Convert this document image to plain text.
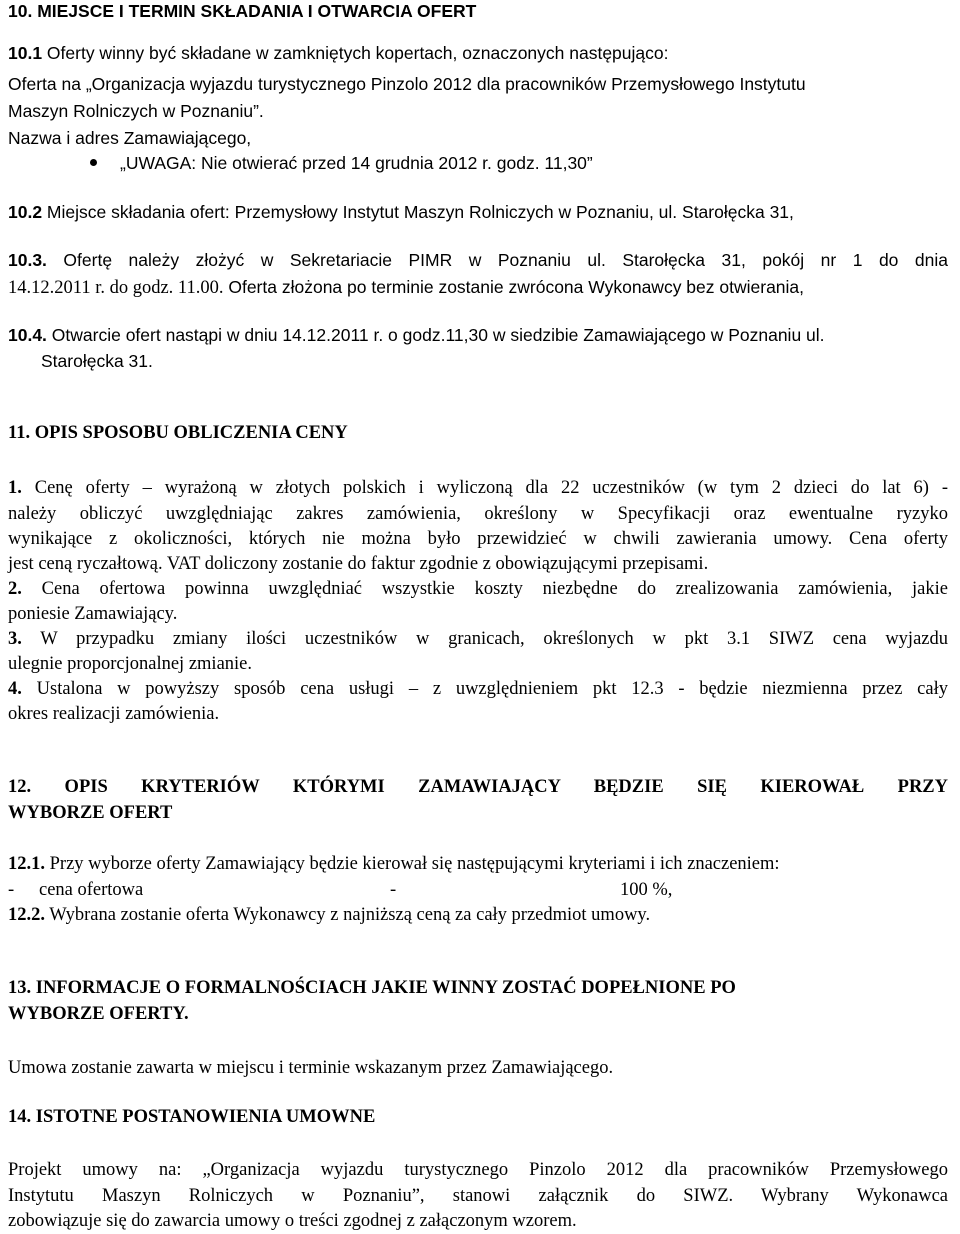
10. MIEJSCE I TERMIN SKŁADANIA I OTWARCIA OFERT
10.1 Oferty winny być składane w zamkniętych kopertach, oznaczonych następująco:
Oferta na „Organizacja wyjazdu turystycznego Pinzolo 2012 dla pracowników Przemysłowego Instytutu
Maszyn Rolniczych w Poznaniu”.
Nazwa i adres Zamawiającego,
„UWAGA: Nie otwierać przed 14 grudnia 2012 r. godz. 11,30”
10.2 Miejsce składania ofert: Przemysłowy Instytut Maszyn Rolniczych w Poznaniu, ul. Starołęcka 31,
10.3. Ofertę należy złożyć w Sekretariacie PIMR w Poznaniu ul. Starołęcka 31, pokój nr 1 do dnia
14.12.2011 r. do godz. 11.00. Oferta złożona po terminie zostanie zwrócona Wykonawcy bez otwierania,
10.4. Otwarcie ofert nastąpi w dniu 14.12.2011 r. o godz.11,30 w siedzibie Zamawiającego w Poznaniu ul.
Starołęcka 31.
11. OPIS SPOSOBU OBLICZENIA CENY
1. Cenę oferty – wyrażoną w złotych polskich i wyliczoną dla 22 uczestników (w tym 2 dzieci do lat 6) -
należy obliczyć uwzględniając zakres zamówienia, określony w Specyfikacji oraz ewentualne ryzyko
wynikające z okoliczności, których nie można było przewidzieć w chwili zawierania umowy. Cena oferty
jest ceną ryczałtową. VAT doliczony zostanie do faktur zgodnie z obowiązującymi przepisami.
2. Cena ofertowa powinna uwzględniać wszystkie koszty niezbędne do zrealizowania zamówienia, jakie
poniesie Zamawiający.
3. W przypadku zmiany ilości uczestników w granicach, określonych w pkt 3.1 SIWZ cena wyjazdu
ulegnie proporcjonalnej zmianie.
4. Ustalona w powyższy sposób cena usługi – z uwzględnieniem pkt 12.3 - będzie niezmienna przez cały
okres realizacji zamówienia.
12. OPIS KRYTERIÓW KTÓRYMI ZAMAWIAJĄCY BĘDZIE SIĘ KIEROWAŁ PRZY
WYBORZE OFERT
12.1. Przy wyborze oferty Zamawiający będzie kierował się następującymi kryteriami i ich znaczeniem:
- cena ofertowa	-	100 %,
12.2. Wybrana zostanie oferta Wykonawcy z najniższą ceną za cały przedmiot umowy.
13. INFORMACJE O FORMALNOŚCIACH JAKIE WINNY ZOSTAĆ DOPEŁNIONE PO
WYBORZE OFERTY.
Umowa zostanie zawarta w miejscu i terminie wskazanym przez Zamawiającego.
14. ISTOTNE POSTANOWIENIA UMOWNE
Projekt umowy na: „Organizacja wyjazdu turystycznego Pinzolo 2012 dla pracowników Przemysłowego
Instytutu Maszyn Rolniczych w Poznaniu”, stanowi załącznik do SIWZ. Wybrany Wykonawca
zobowiązuje się do zawarcia umowy o treści zgodnej z załączonym wzorem.
